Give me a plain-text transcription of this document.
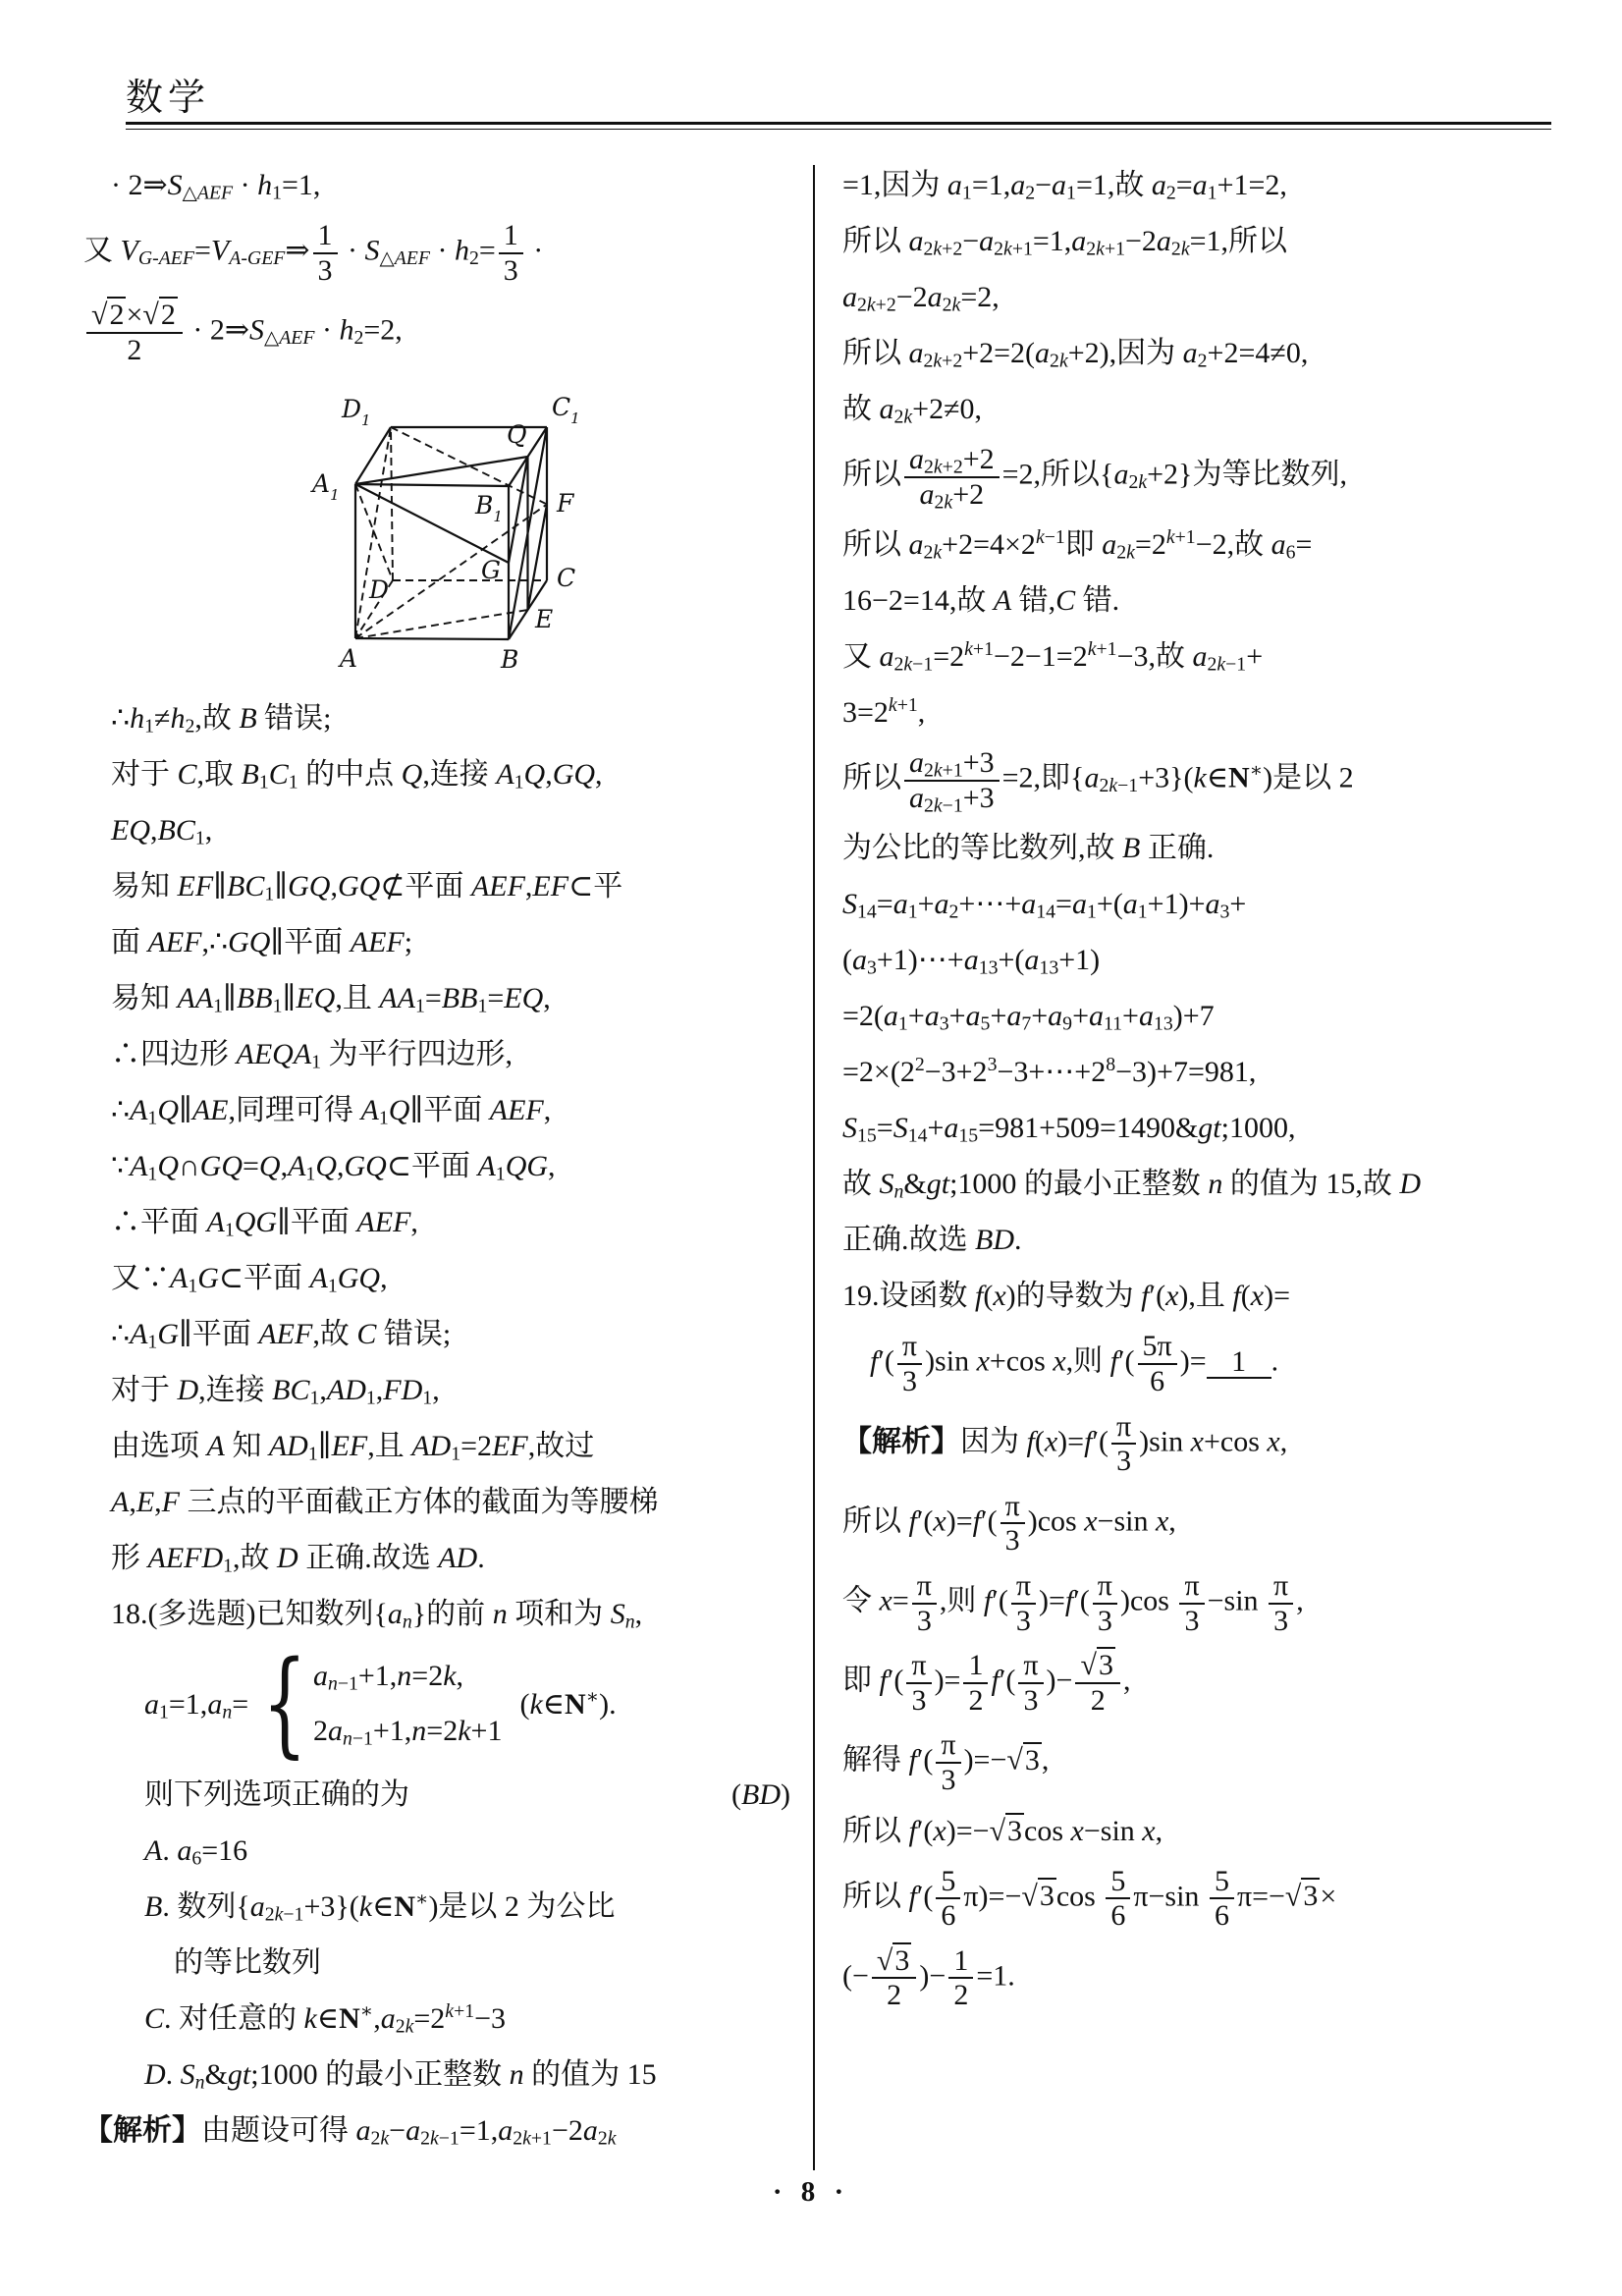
数学
· $2\Rightarrow S_{\triangle AEF} \cdot h_1=1$,
又 $V_{G-AEF}=V_{A-GEF}\Rightarrow \frac{1}{3} \cdot S_{\triangle AEF} \cdot h_2= \frac{1}{3}$ ·
$\frac{√2\times√2}{2}$ · $2\Rightarrow S_{\triangle AEF} \cdot h_2=2$,
$D_1$	$C_1$
Q
$A_1$	$B_1$ F
G C
D
E
A	B
$\therefore h_1\ne h_2$,故 B 错误;
对于 C,取 $B_1C_1$ 的中点 Q,连接 $A_1Q,GQ$,
$EQ,BC_1$,
易知 $EF\parallel BC_1\parallel GQ,GQ⊄$平面 AEF,EF⊂平
面 AEF,∴GQ∥平面 AEF;
易知 $AA_1\parallel BB_1\parallel EQ$,且 $AA_1=BB_1=EQ$,
∴四边形 $AEQA_1$ 为平行四边形,
$\therefore A_1Q\parallel AE$,同理可得 $A_1Q\parallel$平面 AEF,
$\because A_1Q\cap GQ=Q,A_1Q,GQ\subset$平面 $A_1QG$,
∴平面 $A_1QG\parallel$平面 AEF,
又$\because A_1G\subset$平面 $A_1GQ$,
$\therefore A_1G\parallel$平面 AEF,故 C 错误;
对于 D,连接 $BC_1,AD_1,FD_1$,
由选项 A 知 $AD_1\parallel EF$,且 $AD_1=2EF$,故过
A,E,F 三点的平面截正方体的截面为等腰梯
形 $AEFD_1$,故 D 正确.故选 AD.
18.(多选题)已知数列$\{a_n\}$的前 n 项和为 $S_n$,
$a_1=1,a_n=$ { $a_{n-1}+1,n=2k$,
$2a_{n-1}+1,n=2k+1$
(k∈N∗).
则下列选项正确的为	(BD)
A. $a_6=16$
B. 数列$\{a_{2k-1}+3\}(k\in N^∗)$是以 2 为公比
的等比数列
C. 对任意的 $k\in N^∗,a_{2k}=2^{k+1}-3$
D. $S_n\&gt;1000$ 的最小正整数 n 的值为 15
【解析】由题设可得 $a_{2k}-a_{2k-1}=1,a_{2k+1}-2a_{2k}$
=1,因为 $a_1=1,a_2-a_1=1$,故 $a_2=a_1+1=2$,
所以 $a_{2k+2}-a_{2k+1}=1,a_{2k+1}-2a_{2k}=1$,所以
$a_{2k+2}-2a_{2k}=2$,
所以 $a_{2k+2}+2=2(a_{2k}+2)$,因为 $a_2+2=4\ne 0$,
故 $a_{2k}+2\ne 0$,
所以 $\frac{a_{2k+2}+2}{a_{2k}+2} =2$,所以$\{a_{2k}+2\}$为等比数列,
所以 $a_{2k}+2=4\times 2^{k-1}$即 $a_{2k}=2^{k+1}-2$,故 $a_6=$
16−2=14,故 A 错,C 错.
又 $a_{2k-1}=2^{k+1}-2-1=2^{k+1}-3$,故 $a_{2k-1}+$
$3=2^{k+1}$,
所以 $\frac{a_{2k+1}+3}{a_{2k-1}+3} =2$,即$\{a_{2k-1}+3\}(k\in N^∗)$是以 2
为公比的等比数列,故 B 正确.
$S_{14}=a_1+a_2+\cdots+a_{14}=a_1+(a_1+1)+a_3+$
$(a_3+1)\cdots+a_{13}+(a_{13}+1)$
$=2(a_1+a_3+a_5+a_7+a_9+a_{11}+a_{13})+7$
$=2\times(2^2-3+2^3-3+\cdots+2^8-3)+7=981$,
$S_{15}=S_{14}+a_{15}=981+509=1490\&gt;1000$,
故 $S_n\&gt;1000$ 的最小正整数 n 的值为 15,故 D
正确.故选 BD.
19.设函数 f(x)的导数为 f′(x),且 f(x)=
$f'( \frac{\pi}{3} )\sin$ x+cos x,则 $f'( \frac{5\pi}{6}$ )= 1 .
【解析】因为 $f(x)=f'( \frac{\pi}{3} )\sin$ x+cos x,
所以 $f'(x)=f'( \frac{\pi}{3} )\cos$ x−sin x,
令 $x= \frac{\pi}{3}$ ,则 $f'( \frac{\pi}{3} )=f'( \frac{\pi}{3} )\cos \frac{\pi}{3} -\sin \frac{\pi}{3}$ ,
即 $f'( \frac{\pi}{3}$ )= $\frac{1}{2} f'( \frac{\pi}{3}$ )− $\frac{√3}{2}$ ,
解得 $f'( \frac{\pi}{3} )=-√3$,
所以 f′(x)=−√3cos x−sin x,
所以 $f'( \frac{5}{6} \pi)=-√3\cos \frac{5}{6} \pi-\sin \frac{5}{6} \pi=-√3\times$
(− $\frac{√3}{2}$ )− $\frac{1}{2} =1$.
· 8 ·
